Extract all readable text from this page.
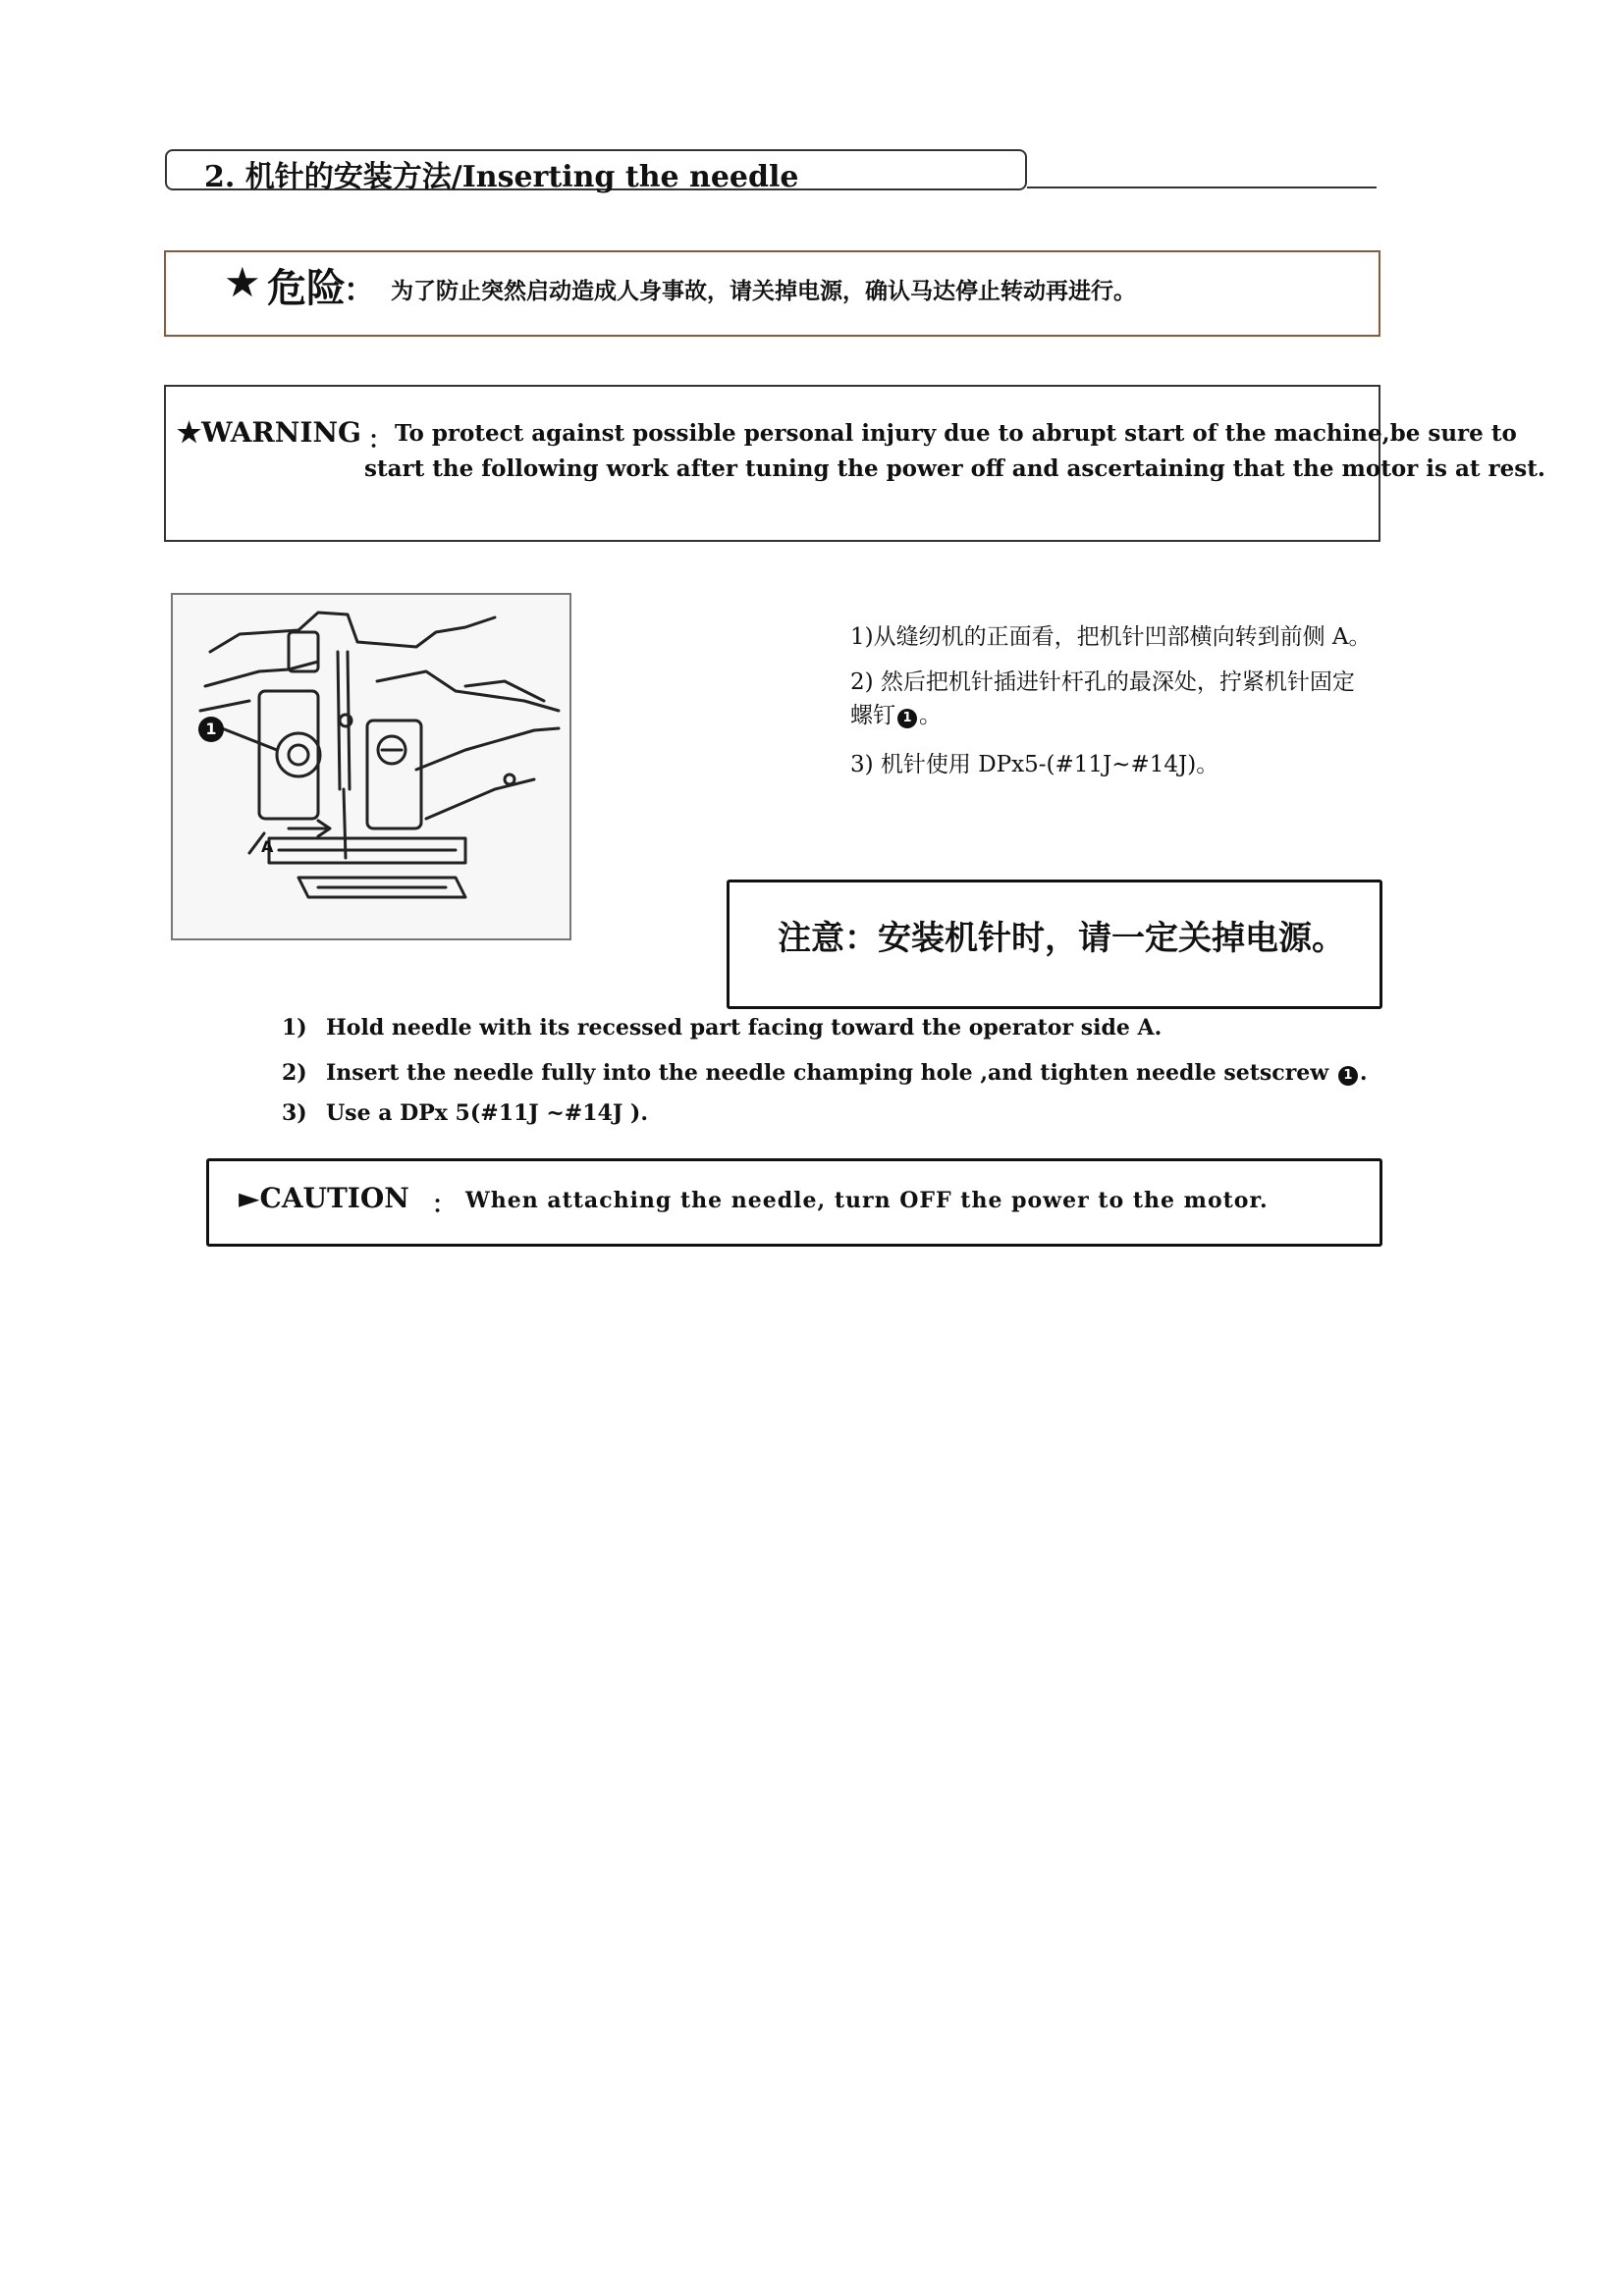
2. 机针的安装方法/Inserting the needle
★ 危险
： 为了防止突然启动造成人身事故，请关掉电源，确认马达停止转动再进行。
★WARNING ： To protect against possible personal injury due to abrupt start of the machine,be sure to
start the following work after tuning the power off and ascertaining that the motor is at rest.
1
A
1)从缝纫机的正面看，把机针凹部横向转到前侧 A。
2) 然后把机针插进针杆孔的最深处，拧紧机针固定
螺钉 1 。
3) 机针使用 DPx5-(#11J~#14J)。
注意：安装机针时，请一定关掉电源。
1) Hold needle with its recessed part facing toward the operator side A.
2) Insert the needle fully into the needle champing hole ,and tighten needle setscrew 1 .
3) Use a DPx 5(#11J ~#14J ).
►CAUTION ： When attaching the needle, turn OFF the power to the motor.
